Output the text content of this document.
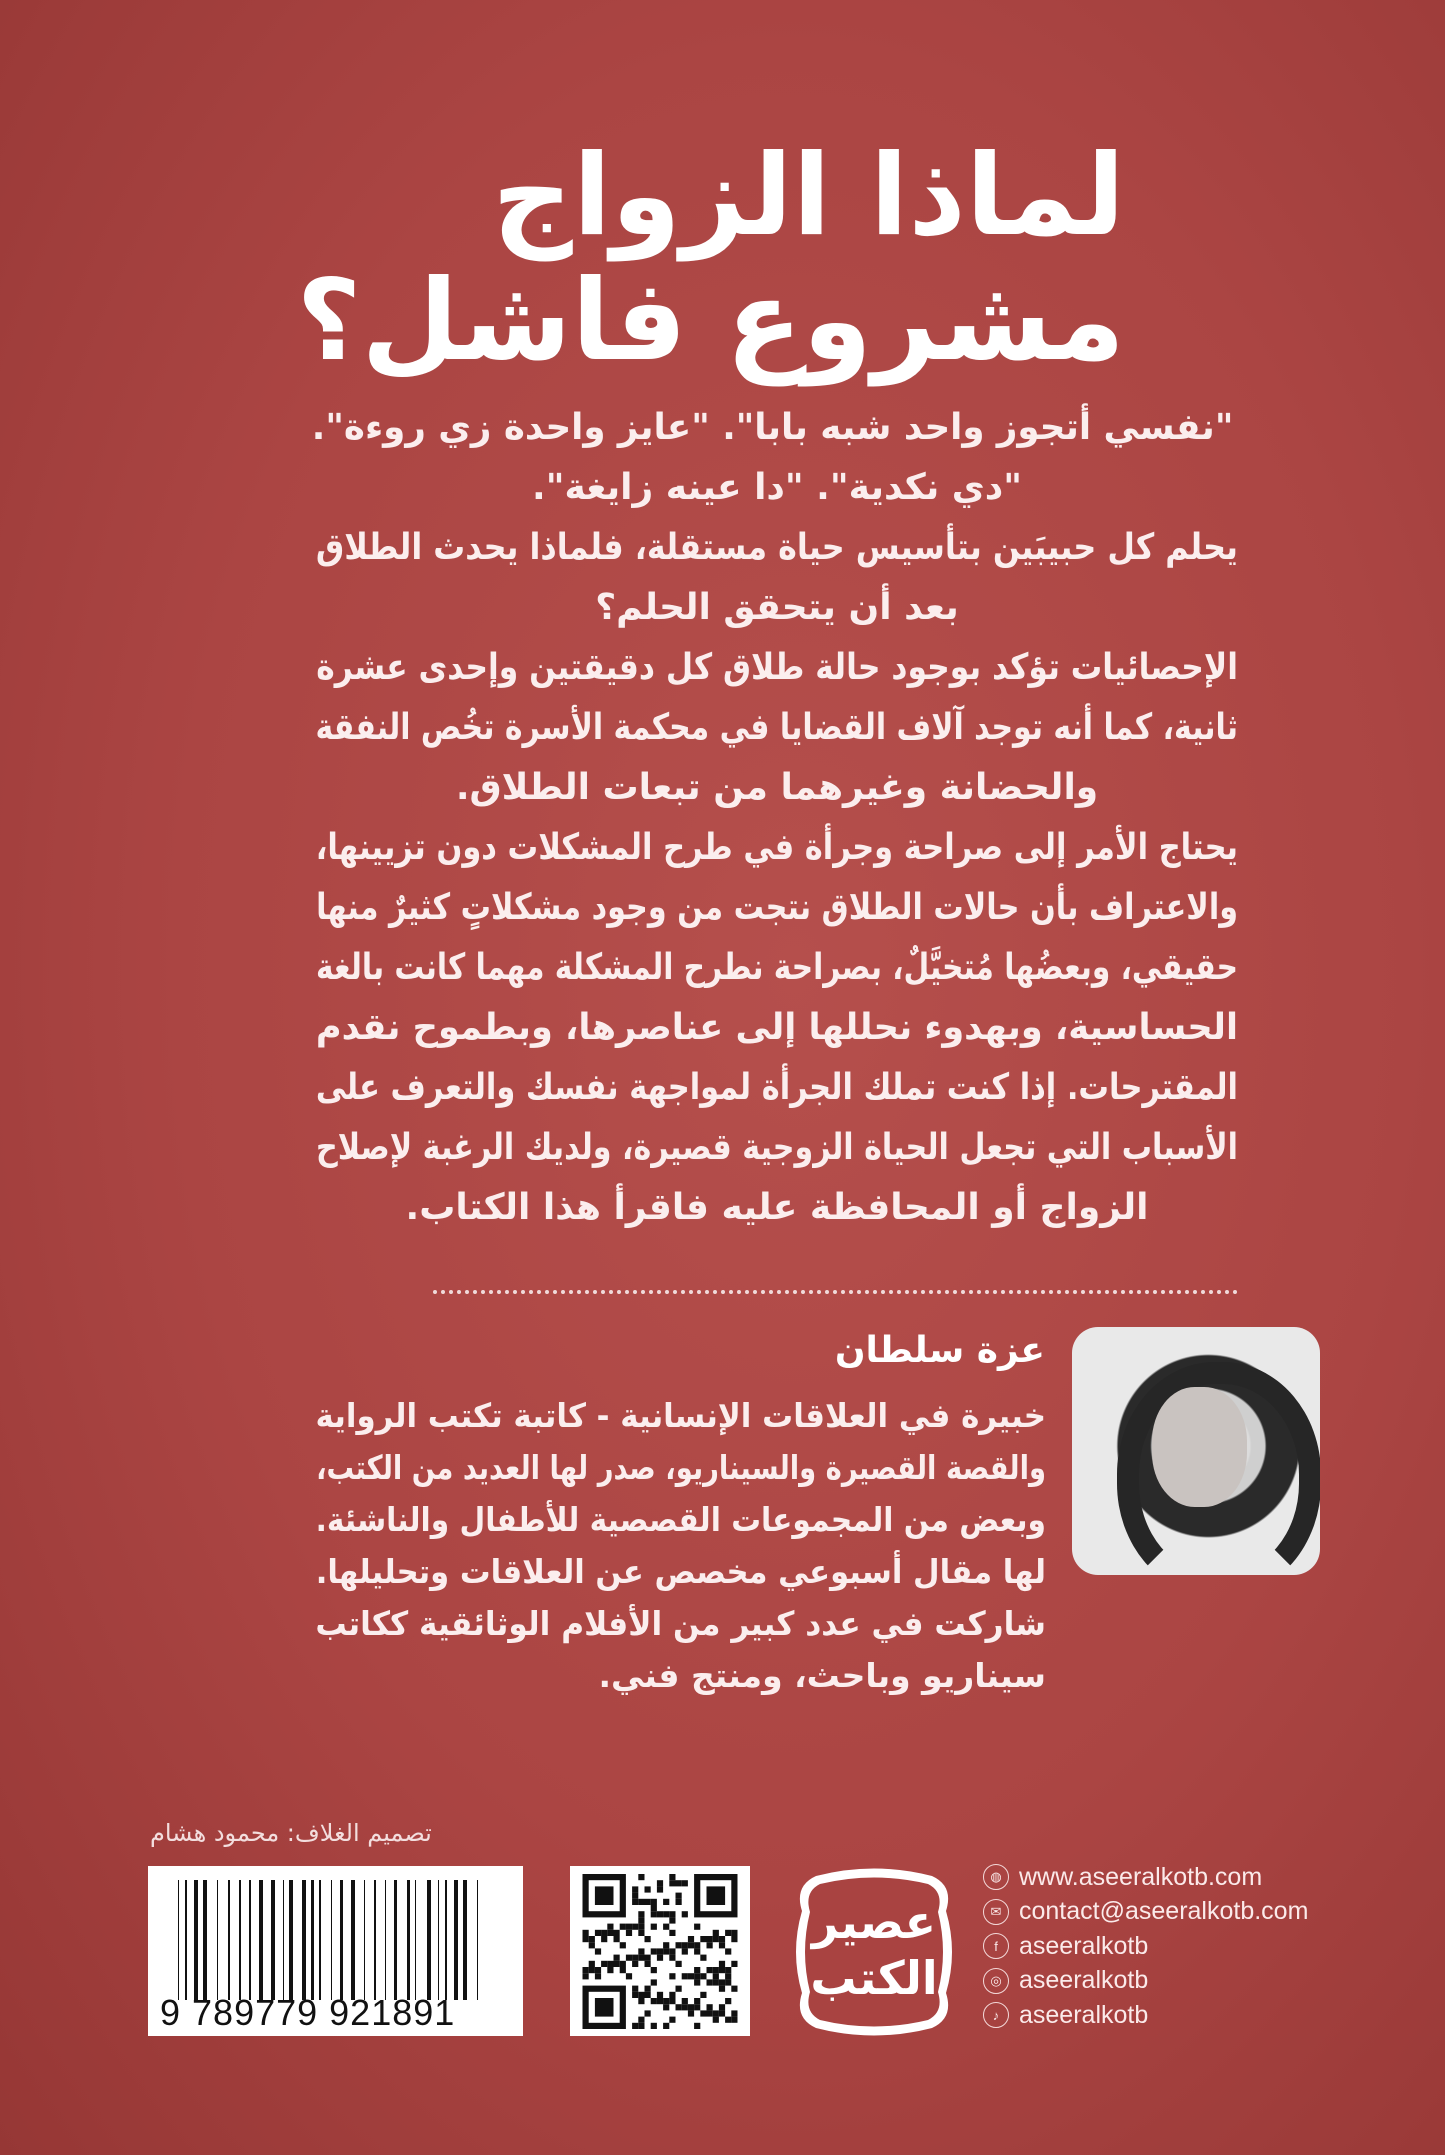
لماذا الزواج
مشروع فاشل؟
"نفسي أتجوز واحد شبه بابا". "عايز واحدة زي روءة".
"دي نكدية". "دا عينه زايغة".
يحلم كل حبيبَين بتأسيس حياة مستقلة، فلماذا يحدث الطلاق
بعد أن يتحقق الحلم؟
الإحصائيات تؤكد بوجود حالة طلاق كل دقيقتين وإحدى عشرة
ثانية، كما أنه توجد آلاف القضايا في محكمة الأسرة تخُص النفقة
والحضانة وغيرهما من تبعات الطلاق.
يحتاج الأمر إلى صراحة وجرأة في طرح المشكلات دون تزيينها،
والاعتراف بأن حالات الطلاق نتجت من وجود مشكلاتٍ كثيرٌ منها
حقيقي، وبعضُها مُتخيَّلٌ، بصراحة نطرح المشكلة مهما كانت بالغة
الحساسية، وبهدوء نحللها إلى عناصرها، وبطموح نقدم
المقترحات. إذا كنت تملك الجرأة لمواجهة نفسك والتعرف على
الأسباب التي تجعل الحياة الزوجية قصيرة، ولديك الرغبة لإصلاح
الزواج أو المحافظة عليه فاقرأ هذا الكتاب.
عزة سلطان
خبيرة في العلاقات الإنسانية - كاتبة تكتب الرواية
والقصة القصيرة والسيناريو، صدر لها العديد من الكتب،
وبعض من المجموعات القصصية للأطفال والناشئة.
لها مقال أسبوعي مخصص عن العلاقات وتحليلها.
شاركت في عدد كبير من الأفلام الوثائقية ككاتب
سيناريو وباحث، ومنتج فني.
تصميم الغلاف: محمود هشام
9 789779 921891
عصير
الكتب
◍ www.aseeralkotb.com
✉ contact@aseeralkotb.com
f aseeralkotb
◎ aseeralkotb
♪ aseeralkotb
